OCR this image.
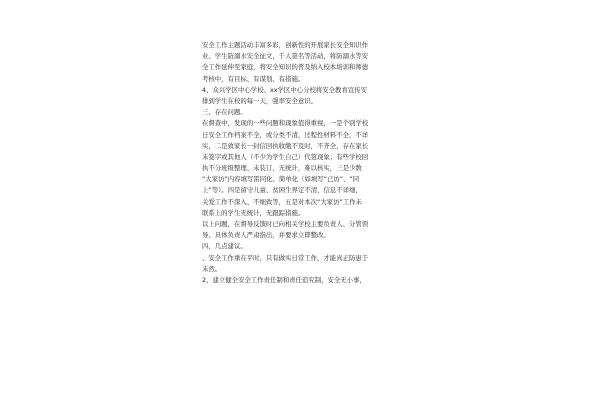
安全工作主题活动丰富多彩，创新性的开展家长安全知识作
业、学生防溺水安全征文、千人签名等活动，将防溺水等安
全工作延伸至家庭，将安全知识的普及纳入校本培训和师德
考核中，有目标、有谋划、有措施。
4、众兴学区中心学校、xx学区中心分校将安全教育宣传安
排到学生在校的每一天，强率安全意识。
三、存在问题。
在督查中，发现的一些问题和现象值得重视，一是个别学校
日安全工作档案不全，或分类不清，过程性材料不全，不详
实，二是致家长一封信回执收缴不及时，不齐全，存在家长
未签字或其他人（不少为学生自己）代签现象；有些学校回
执不分班级整理、未装订，无统计，难以核实，三是少数
“大家访”内容填写雷同化、简单化（如填写“已访”、“同
上”等）。四是留守儿童、贫困生界定不清，信息不详细，
关爱工作不深入、不细致等，五是对本次“大家访”工作未
联系上的学生无统计，无跟踪措施。
以上问题，在督导反馈时已向相关学校主要负责人、分管领
导、具体负责人严肃指出，并要求立即整改。
四、几点建议。
、安全工作重在平时，只有做实日常工作，才能真正防患于
未然。
2、建立健全安全工作责任制和责任追究制，安全无小事，
